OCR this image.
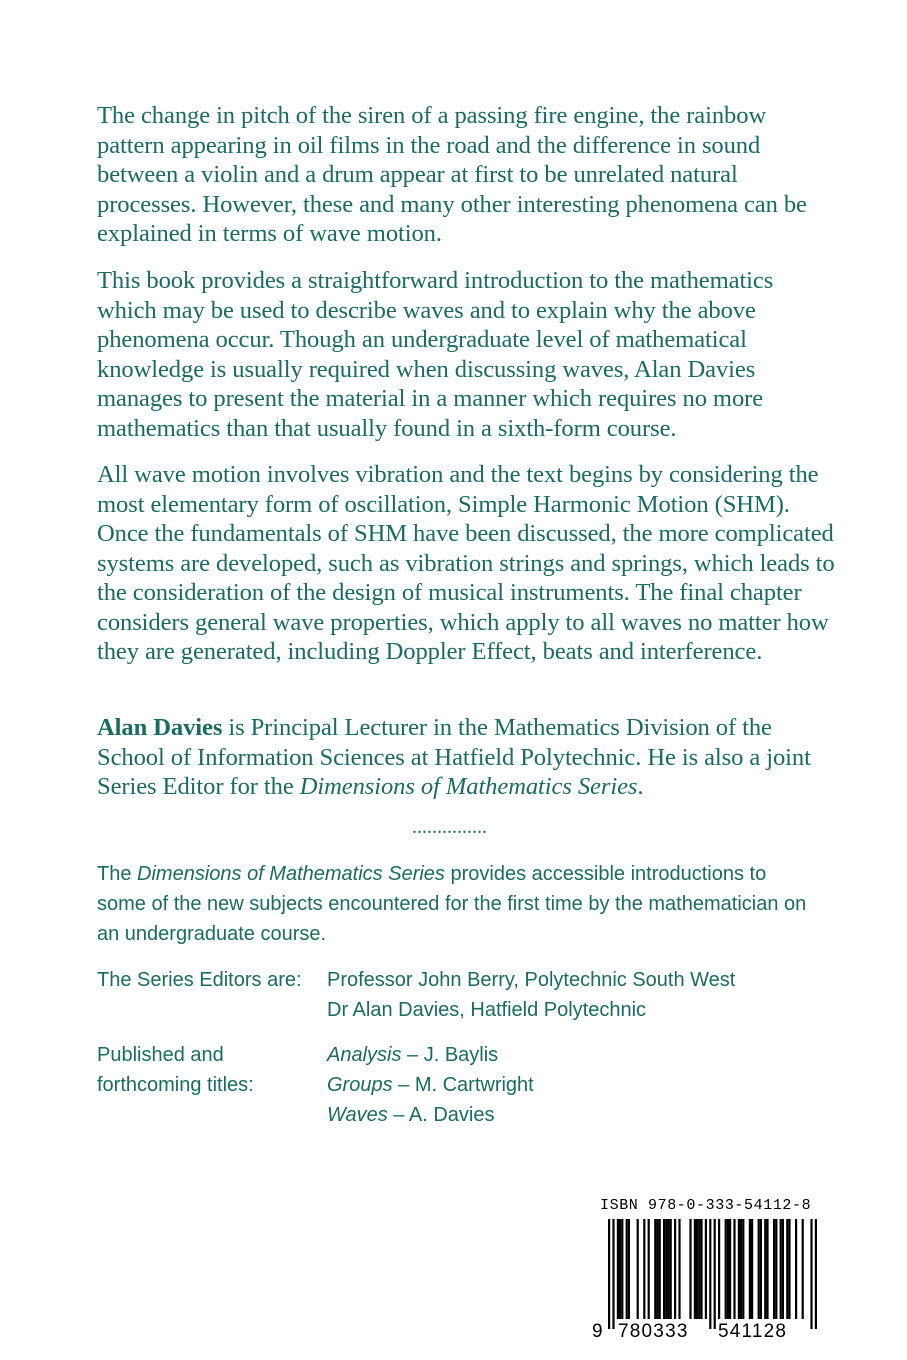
The change in pitch of the siren of a passing fire engine, the rainbow pattern appearing in oil films in the road and the difference in sound between a violin and a drum appear at first to be unrelated natural processes. However, these and many other interesting phenomena can be explained in terms of wave motion.

This book provides a straightforward introduction to the mathematics which may be used to describe waves and to explain why the above phenomena occur. Though an undergraduate level of mathematical knowledge is usually required when discussing waves, Alan Davies manages to present the material in a manner which requires no more mathematics than that usually found in a sixth-form course.

All wave motion involves vibration and the text begins by considering the most elementary form of oscillation, Simple Harmonic Motion (SHM). Once the fundamentals of SHM have been discussed, the more complicated systems are developed, such as vibration strings and springs, which leads to the consideration of the design of musical instruments. The final chapter considers general wave properties, which apply to all waves no matter how they are generated, including Doppler Effect, beats and interference.

Alan Davies is Principal Lecturer in the Mathematics Division of the School of Information Sciences at Hatfield Polytechnic. He is also a joint Series Editor for the Dimensions of Mathematics Series.

...............

The Dimensions of Mathematics Series provides accessible introductions to some of the new subjects encountered for the first time by the mathematician on an undergraduate course.

The Series Editors are:	Professor John Berry, Polytechnic South West
Dr Alan Davies, Hatfield Polytechnic
Published and
forthcoming titles:
Analysis – J. Baylis
Groups – M. Cartwright
Waves – A. Davies
ISBN 978-0-333-54112-8
9 780333 541128
